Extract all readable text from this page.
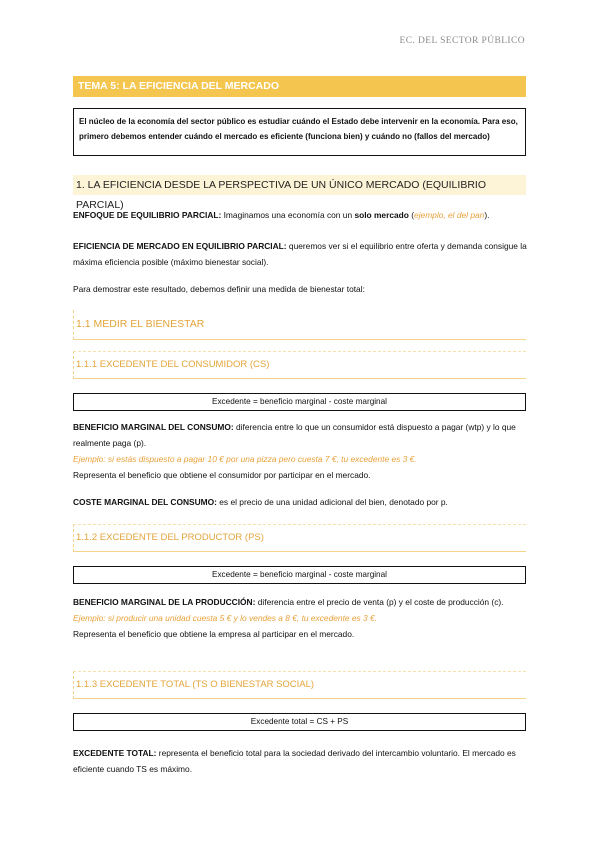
EC. DEL SECTOR PÚBLICO
TEMA 5: LA EFICIENCIA DEL MERCADO
El núcleo de la economía del sector público es estudiar cuándo el Estado debe intervenir en la economía. Para eso, primero debemos entender cuándo el mercado es eficiente (funciona bien) y cuándo no (fallos del mercado)
1. LA EFICIENCIA DESDE LA PERSPECTIVA DE UN ÚNICO MERCADO (EQUILIBRIO PARCIAL)
ENFOQUE DE EQUILIBRIO PARCIAL: Imaginamos una economía con un solo mercado (ejemplo, el del pan).
EFICIENCIA DE MERCADO EN EQUILIBRIO PARCIAL: queremos ver si el equilibrio entre oferta y demanda consigue la máxima eficiencia posible (máximo bienestar social).
Para demostrar este resultado, debemos definir una medida de bienestar total:
1.1 MEDIR EL BIENESTAR
1.1.1 EXCEDENTE DEL CONSUMIDOR (CS)
Excedente = beneficio marginal - coste marginal
BENEFICIO MARGINAL DEL CONSUMO: diferencia entre lo que un consumidor está dispuesto a pagar (wtp) y lo que realmente paga (p).
Ejemplo: si estás dispuesto a pagar 10 € por una pizza pero cuesta 7 €, tu excedente es 3 €.
Representa el beneficio que obtiene el consumidor por participar en el mercado.
COSTE MARGINAL DEL CONSUMO: es el precio de una unidad adicional del bien, denotado por p.
1.1.2 EXCEDENTE DEL PRODUCTOR (PS)
Excedente = beneficio marginal - coste marginal
BENEFICIO MARGINAL DE LA PRODUCCIÓN: diferencia entre el precio de venta (p) y el coste de producción (c).
Ejemplo: si producir una unidad cuesta 5 € y lo vendes a 8 €, tu excedente es 3 €.
Representa el beneficio que obtiene la empresa al participar en el mercado.
1.1.3 EXCEDENTE TOTAL (TS O BIENESTAR SOCIAL)
Excedente total = CS + PS
EXCEDENTE TOTAL: representa el beneficio total para la sociedad derivado del intercambio voluntario. El mercado es eficiente cuando TS es máximo.
